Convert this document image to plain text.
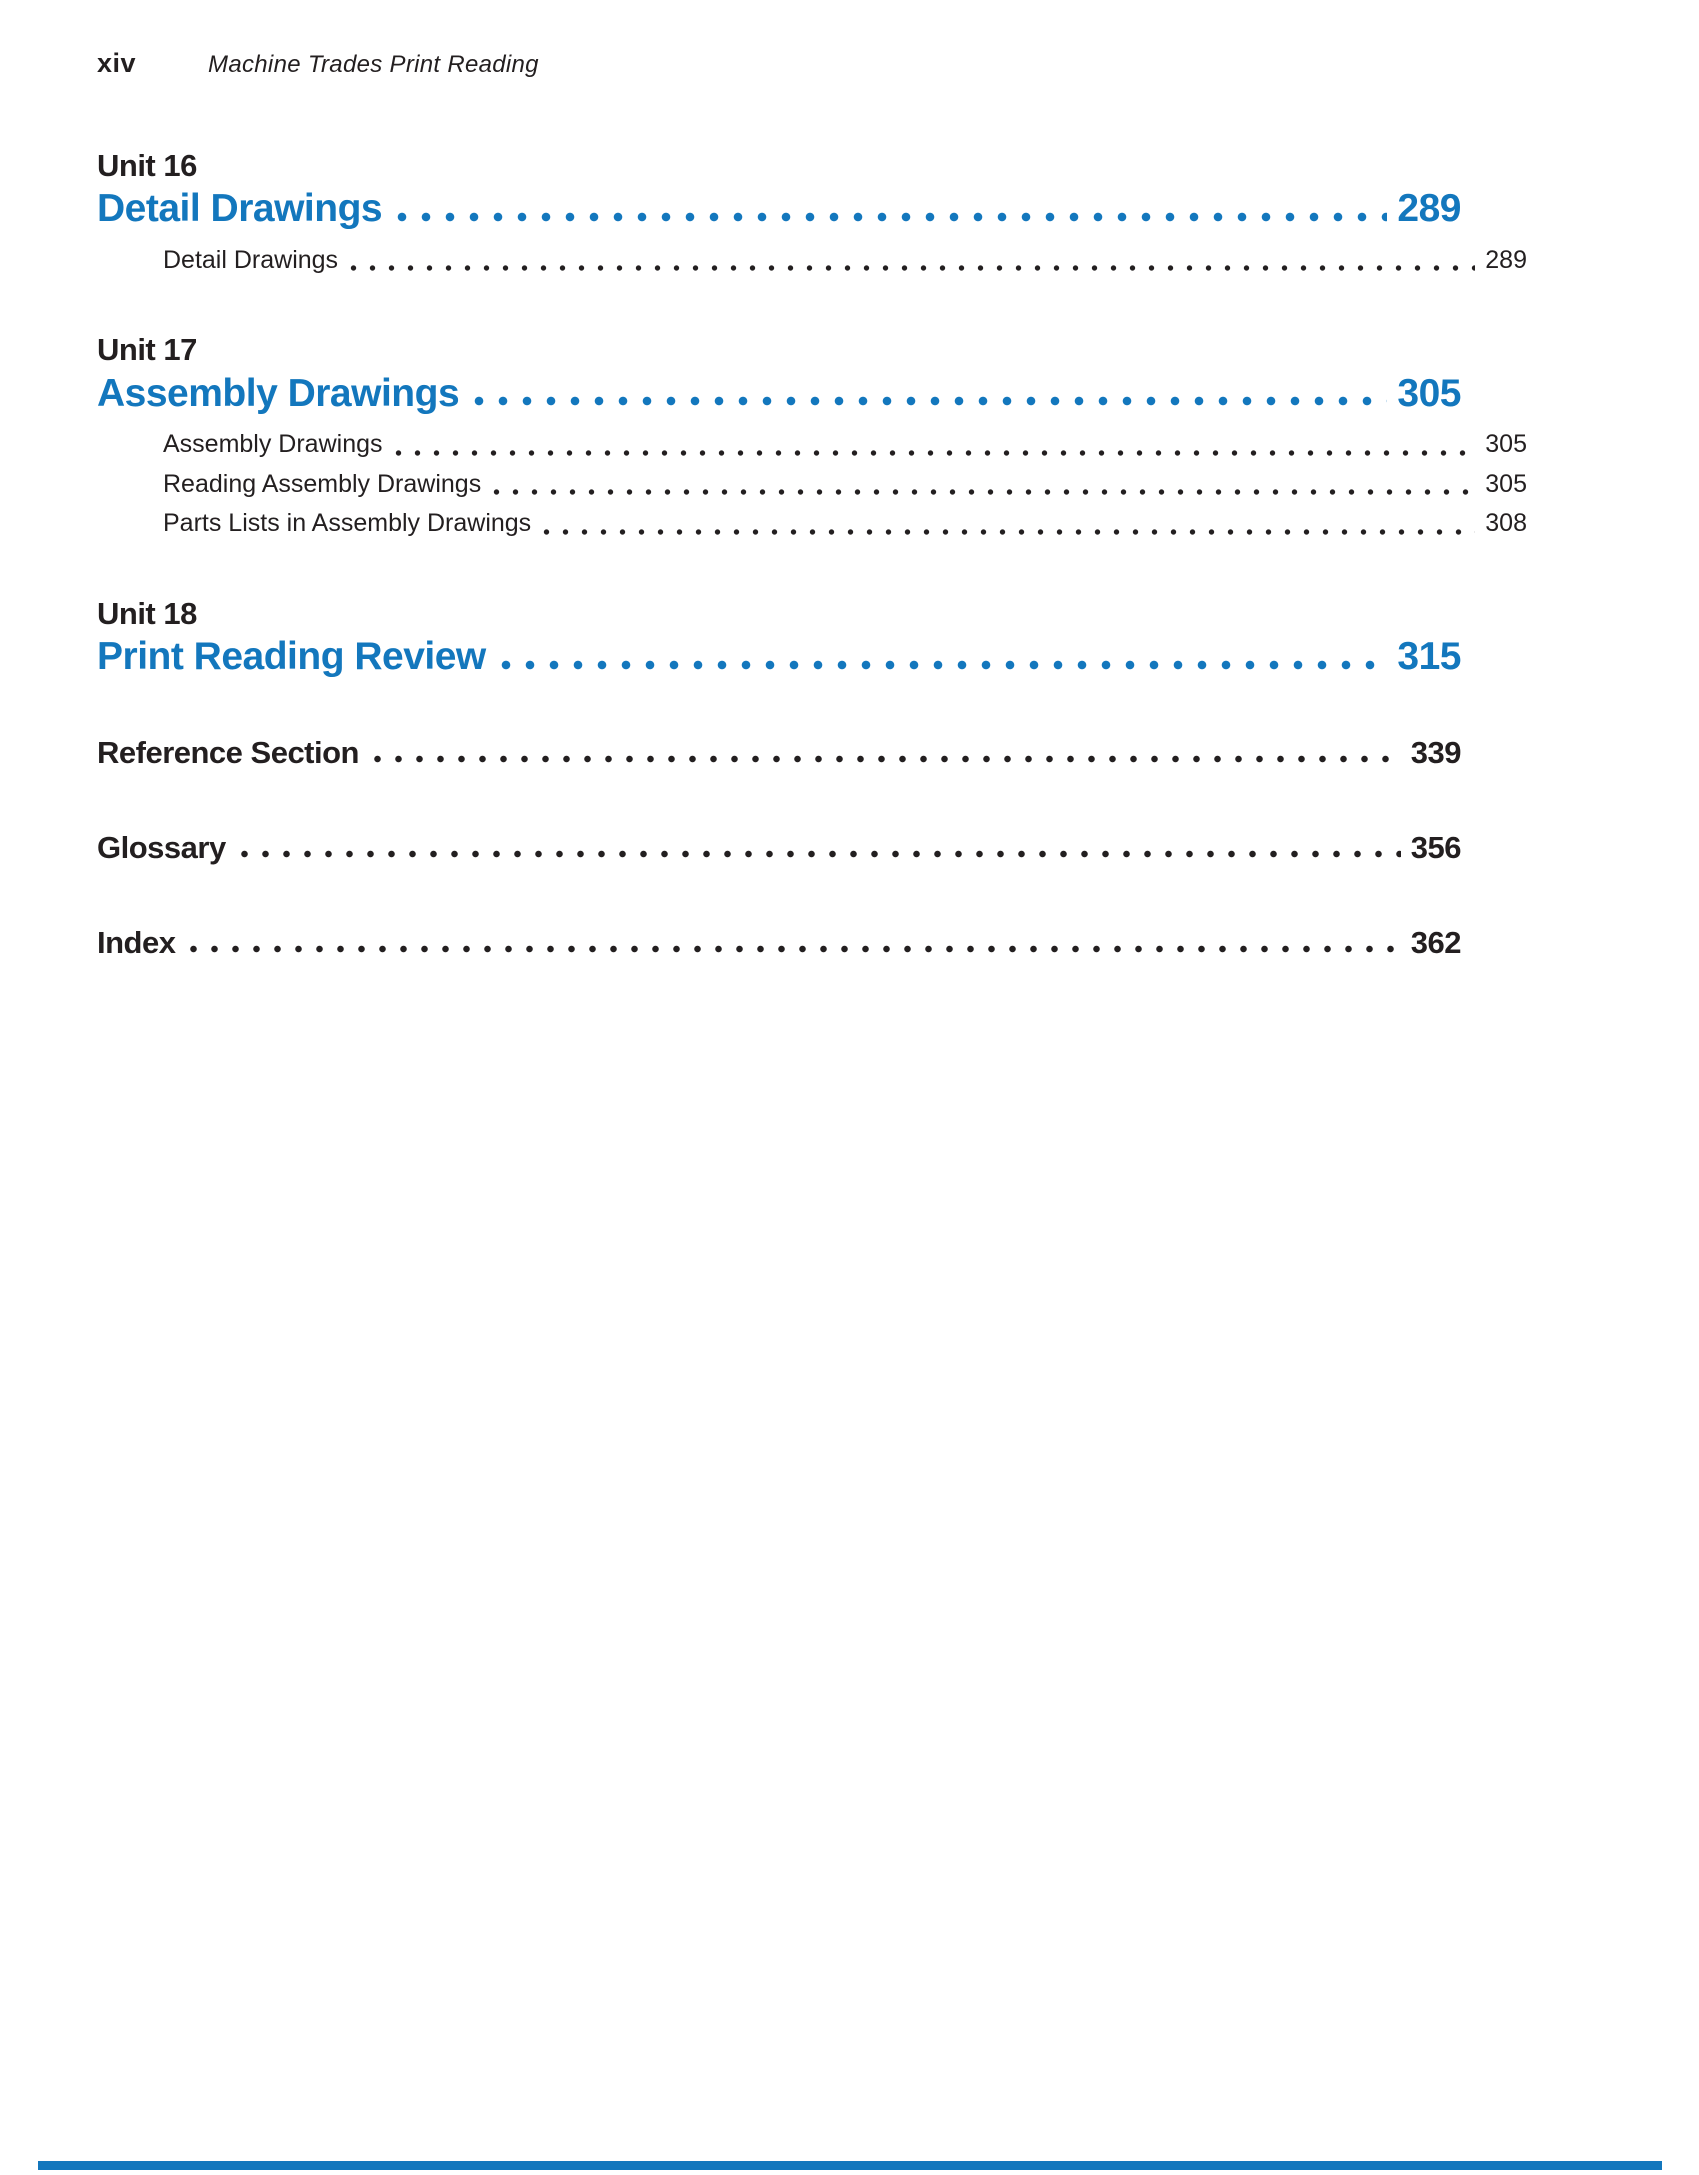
xiv	Machine Trades Print Reading
Unit 16
Detail Drawings	289
Detail Drawings	289
Unit 17
Assembly Drawings	305
Assembly Drawings	305
Reading Assembly Drawings	305
Parts Lists in Assembly Drawings	308
Unit 18
Print Reading Review	315
Reference Section	339
Glossary	356
Index	362
